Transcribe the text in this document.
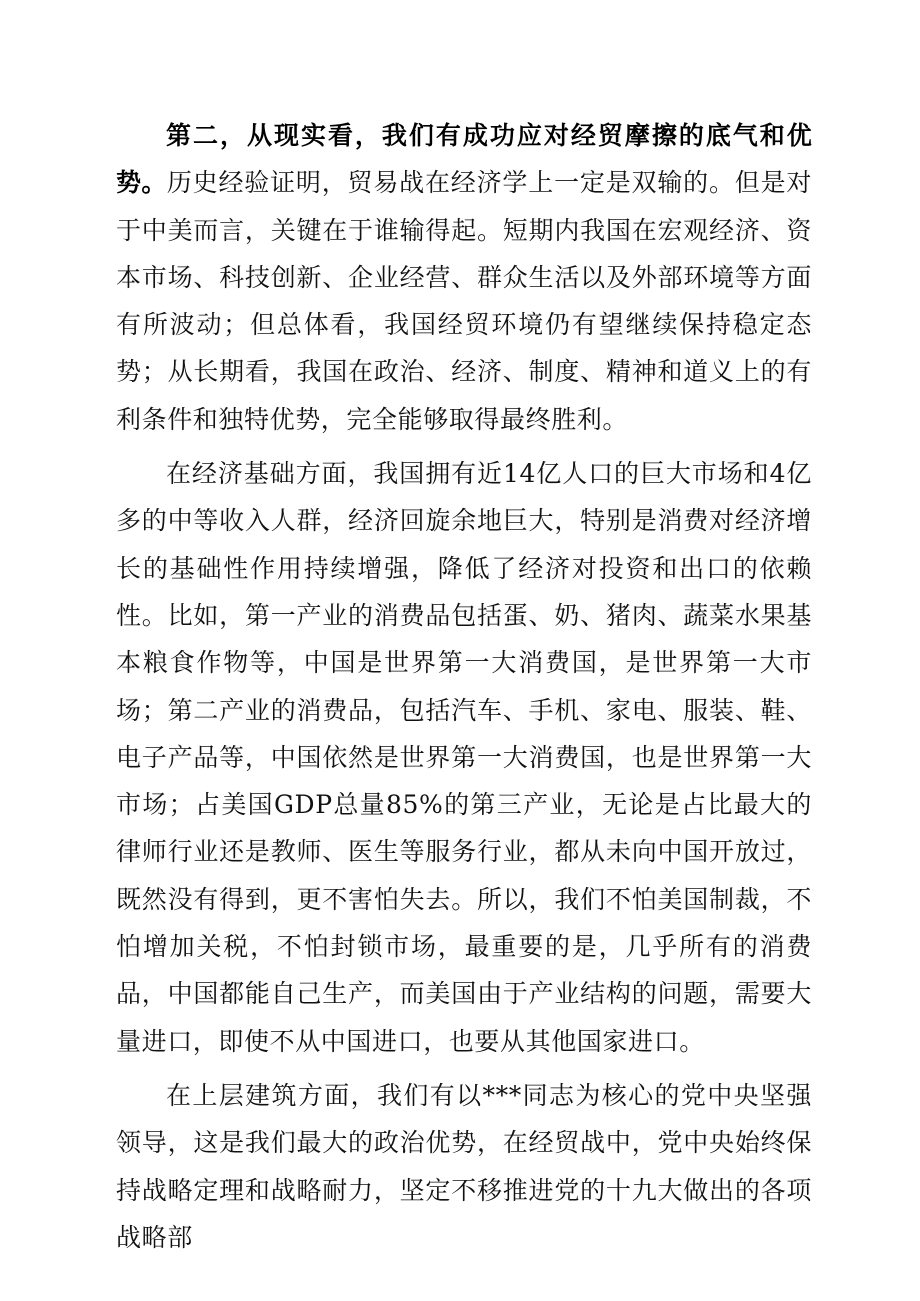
第二，从现实看，我们有成功应对经贸摩擦的底气和优势。历史经验证明，贸易战在经济学上一定是双输的。但是对于中美而言，关键在于谁输得起。短期内我国在宏观经济、资本市场、科技创新、企业经营、群众生活以及外部环境等方面有所波动；但总体看，我国经贸环境仍有望继续保持稳定态势；从长期看，我国在政治、经济、制度、精神和道义上的有利条件和独特优势，完全能够取得最终胜利。

在经济基础方面，我国拥有近14亿人口的巨大市场和4亿多的中等收入人群，经济回旋余地巨大，特别是消费对经济增长的基础性作用持续增强，降低了经济对投资和出口的依赖性。比如，第一产业的消费品包括蛋、奶、猪肉、蔬菜水果基本粮食作物等，中国是世界第一大消费国，是世界第一大市场；第二产业的消费品，包括汽车、手机、家电、服装、鞋、电子产品等，中国依然是世界第一大消费国，也是世界第一大市场；占美国GDP总量85%的第三产业，无论是占比最大的律师行业还是教师、医生等服务行业，都从未向中国开放过，既然没有得到，更不害怕失去。所以，我们不怕美国制裁，不怕增加关税，不怕封锁市场，最重要的是，几乎所有的消费品，中国都能自己生产，而美国由于产业结构的问题，需要大量进口，即使不从中国进口，也要从其他国家进口。

在上层建筑方面，我们有以***同志为核心的党中央坚强领导，这是我们最大的政治优势，在经贸战中，党中央始终保持战略定理和战略耐力，坚定不移推进党的十九大做出的各项战略部
